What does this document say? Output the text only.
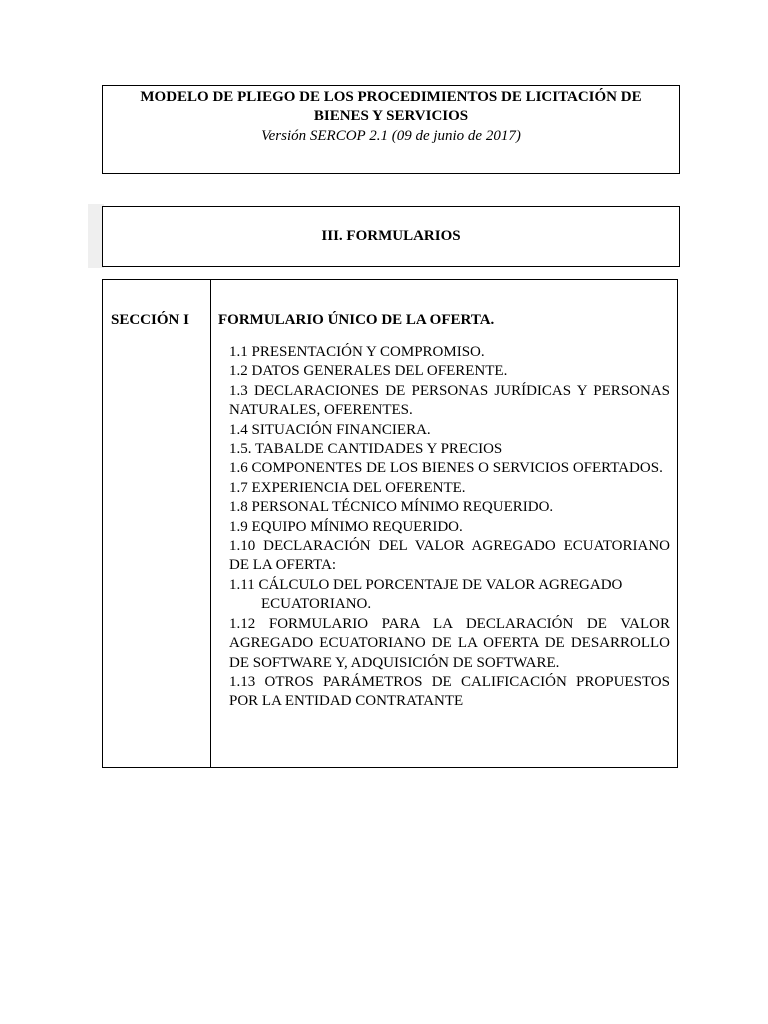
MODELO DE PLIEGO DE LOS PROCEDIMIENTOS DE LICITACIÓN DE

BIENES Y SERVICIOS

Versión SERCOP 2.1 (09 de junio de 2017)

III. FORMULARIOS

SECCIÓN I FORMULARIO ÚNICO DE LA OFERTA.

1.1 PRESENTACIÓN Y COMPROMISO.
1.2 DATOS GENERALES DEL OFERENTE.
1.3 DECLARACIONES DE PERSONAS JURÍDICAS Y PERSONAS NATURALES, OFERENTES.
1.4 SITUACIÓN FINANCIERA.
1.5. TABALDE CANTIDADES Y PRECIOS
1.6 COMPONENTES DE LOS BIENES O SERVICIOS OFERTADOS.
1.7 EXPERIENCIA DEL OFERENTE.
1.8 PERSONAL TÉCNICO MÍNIMO REQUERIDO.
1.9 EQUIPO MÍNIMO REQUERIDO.
1.10 DECLARACIÓN DEL VALOR AGREGADO ECUATORIANO DE LA OFERTA:
1.11 CÁLCULO DEL PORCENTAJE DE VALOR AGREGADO
ECUATORIANO.
1.12 FORMULARIO PARA LA DECLARACIÓN DE VALOR AGREGADO ECUATORIANO DE LA OFERTA DE DESARROLLO DE SOFTWARE Y, ADQUISICIÓN DE SOFTWARE.
1.13 OTROS PARÁMETROS DE CALIFICACIÓN PROPUESTOS POR LA ENTIDAD CONTRATANTE
